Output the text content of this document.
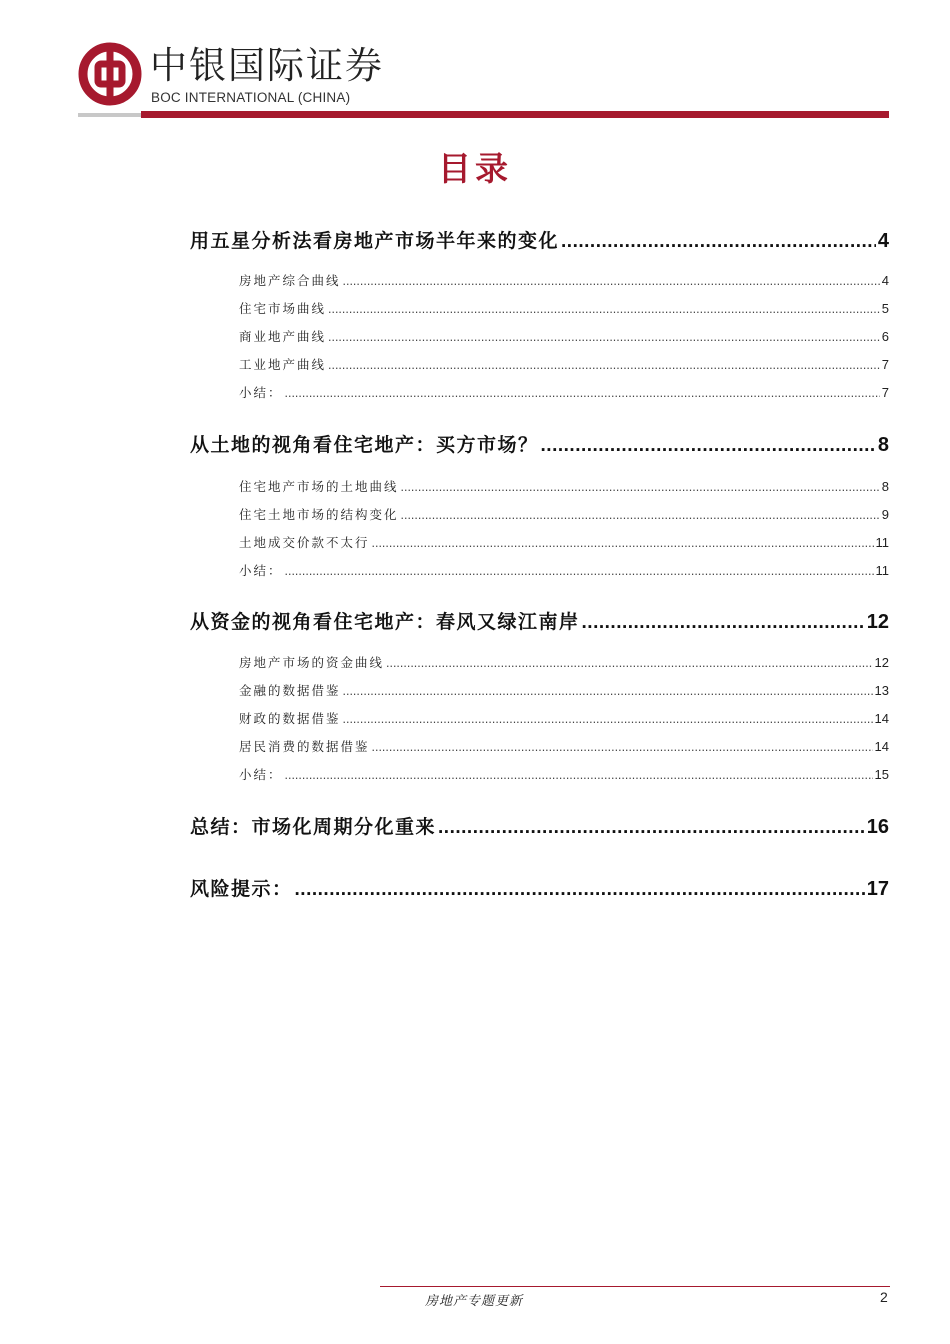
中银国际证券
BOC INTERNATIONAL (CHINA)
目录
用五星分析法看房地产市场半年来的变化 .....	4
房地产综合曲线 .....	4
住宅市场曲线 .....	5
商业地产曲线 .....	6
工业地产曲线 .....	7
小结： .....	7
从土地的视角看住宅地产：买方市场？ .....	8
住宅地产市场的土地曲线 .....	8
住宅土地市场的结构变化 .....	9
土地成交价款不太行 .....	11
小结： .....	11
从资金的视角看住宅地产：春风又绿江南岸 .....	12
房地产市场的资金曲线 .....	12
金融的数据借鉴 .....	13
财政的数据借鉴 .....	14
居民消费的数据借鉴 .....	14
小结： .....	15
总结：市场化周期分化重来 .....	16
风险提示： .....	17
房地产专题更新	2
